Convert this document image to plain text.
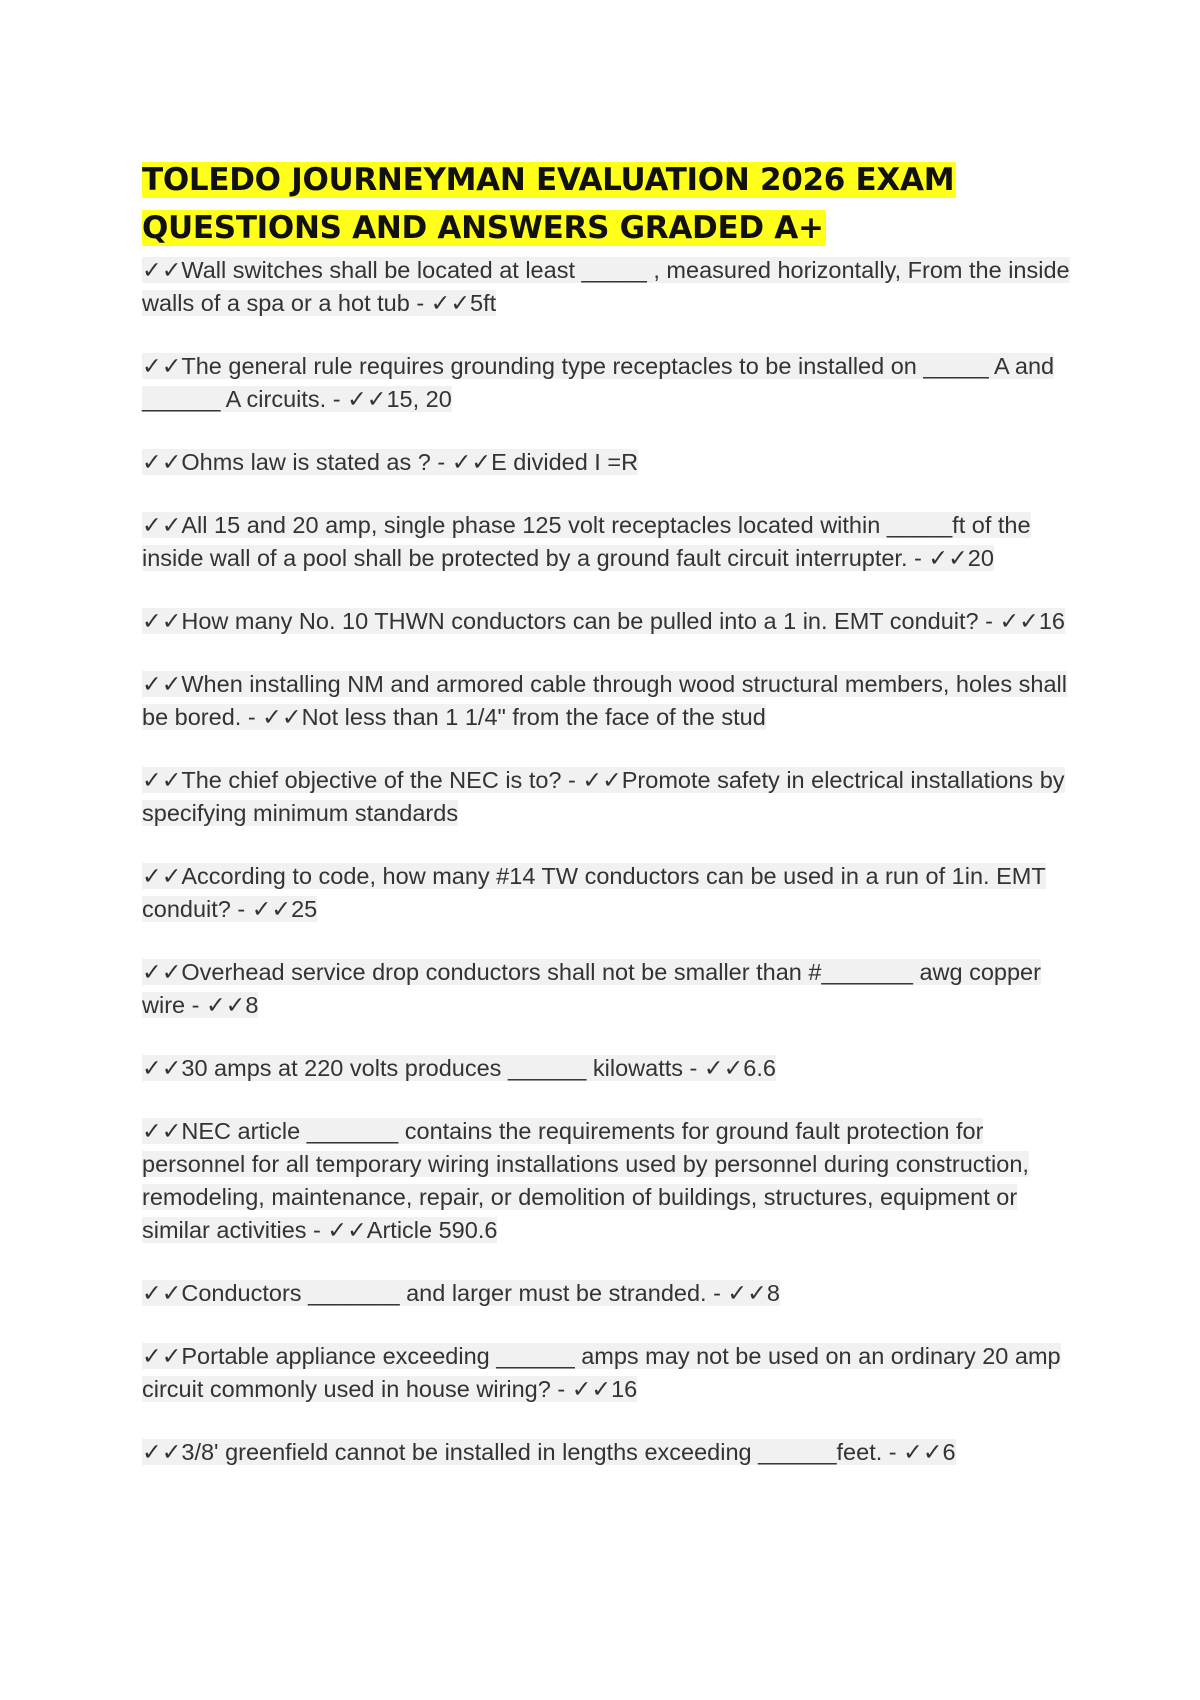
TOLEDO JOURNEYMAN EVALUATION 2026 EXAM QUESTIONS AND ANSWERS GRADED A+

✓✓Wall switches shall be located at least _____ , measured horizontally, From the inside walls of a spa or a hot tub - ✓✓5ft

✓✓The general rule requires grounding type receptacles to be installed on _____ A and ______ A circuits. - ✓✓15, 20

✓✓Ohms law is stated as ? - ✓✓E divided I =R

✓✓All 15 and 20 amp, single phase 125 volt receptacles located within _____ft of the inside wall of a pool shall be protected by a ground fault circuit interrupter. - ✓✓20

✓✓How many No. 10 THWN conductors can be pulled into a 1 in. EMT conduit? - ✓✓16

✓✓When installing NM and armored cable through wood structural members, holes shall be bored. - ✓✓Not less than 1 1/4" from the face of the stud

✓✓The chief objective of the NEC is to? - ✓✓Promote safety in electrical installations by specifying minimum standards

✓✓According to code, how many #14 TW conductors can be used in a run of 1in. EMT conduit? - ✓✓25

✓✓Overhead service drop conductors shall not be smaller than #_______ awg copper wire - ✓✓8

✓✓30 amps at 220 volts produces ______ kilowatts - ✓✓6.6

✓✓NEC article _______ contains the requirements for ground fault protection for personnel for all temporary wiring installations used by personnel during construction, remodeling, maintenance, repair, or demolition of buildings, structures, equipment or similar activities - ✓✓Article 590.6

✓✓Conductors _______ and larger must be stranded. - ✓✓8

✓✓Portable appliance exceeding ______ amps may not be used on an ordinary 20 amp circuit commonly used in house wiring? - ✓✓16

✓✓3/8' greenfield cannot be installed in lengths exceeding ______feet. - ✓✓6
